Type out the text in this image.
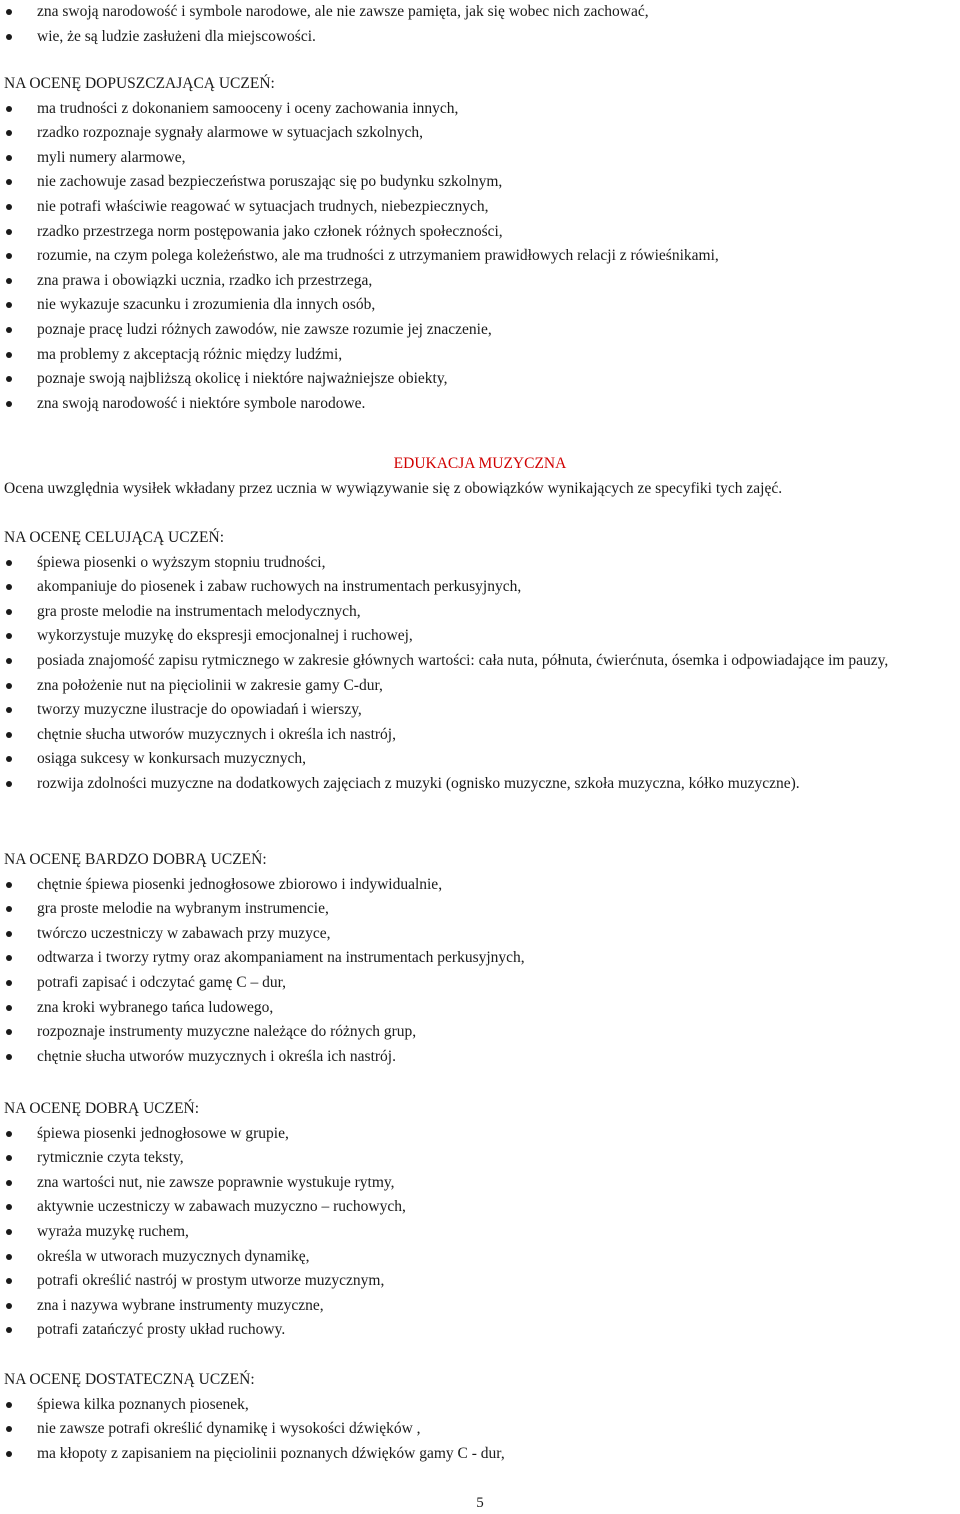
zna swoją narodowość i symbole narodowe, ale nie zawsze pamięta, jak się wobec nich zachować,
wie, że są ludzie zasłużeni dla miejscowości.

NA OCENĘ DOPUSZCZAJĄCĄ UCZEŃ:

ma trudności z dokonaniem samooceny i oceny zachowania innych,
rzadko rozpoznaje sygnały alarmowe w sytuacjach szkolnych,
myli numery alarmowe,
nie zachowuje zasad bezpieczeństwa poruszając się po budynku szkolnym,
nie potrafi właściwie reagować w sytuacjach trudnych, niebezpiecznych,
rzadko przestrzega norm postępowania jako członek różnych społeczności,
rozumie, na czym polega koleżeństwo, ale ma trudności z utrzymaniem prawidłowych relacji z rówieśnikami,
zna prawa i obowiązki ucznia, rzadko ich przestrzega,
nie wykazuje szacunku i zrozumienia dla innych osób,
poznaje pracę ludzi różnych zawodów, nie zawsze rozumie jej znaczenie,
ma problemy z akceptacją różnic między ludźmi,
poznaje swoją najbliższą okolicę i niektóre najważniejsze obiekty,
zna swoją narodowość i niektóre symbole narodowe.

EDUKACJA MUZYCZNA

Ocena uwzględnia wysiłek wkładany przez ucznia w wywiązywanie się z obowiązków wynikających ze specyfiki tych zajęć.

NA OCENĘ CELUJĄCĄ UCZEŃ:

śpiewa piosenki o wyższym stopniu trudności,
akompaniuje do piosenek i zabaw ruchowych na instrumentach perkusyjnych,
gra proste melodie na instrumentach melodycznych,
wykorzystuje muzykę do ekspresji emocjonalnej i ruchowej,
posiada znajomość zapisu rytmicznego w zakresie głównych wartości: cała nuta, półnuta, ćwierćnuta, ósemka i odpowiadające im pauzy,
zna położenie nut na pięciolinii w zakresie gamy C-dur,
tworzy muzyczne ilustracje do opowiadań i wierszy,
chętnie słucha utworów muzycznych i określa ich nastrój,
osiąga sukcesy w konkursach muzycznych,
rozwija zdolności muzyczne na dodatkowych zajęciach z muzyki (ognisko muzyczne, szkoła muzyczna, kółko muzyczne).

NA OCENĘ BARDZO DOBRĄ UCZEŃ:

chętnie śpiewa piosenki jednogłosowe zbiorowo i indywidualnie,
gra proste melodie na wybranym instrumencie,
twórczo uczestniczy w zabawach przy muzyce,
odtwarza i tworzy rytmy oraz akompaniament na instrumentach perkusyjnych,
potrafi zapisać i odczytać gamę C – dur,
zna kroki wybranego tańca ludowego,
rozpoznaje instrumenty muzyczne należące do różnych grup,
chętnie słucha utworów muzycznych i określa ich nastrój.

NA OCENĘ DOBRĄ UCZEŃ:

śpiewa piosenki jednogłosowe w grupie,
rytmicznie czyta teksty,
zna wartości nut, nie zawsze poprawnie wystukuje rytmy,
aktywnie uczestniczy w zabawach muzyczno – ruchowych,
wyraża muzykę ruchem,
określa w utworach muzycznych dynamikę,
potrafi określić nastrój w prostym utworze muzycznym,
zna i nazywa wybrane instrumenty muzyczne,
potrafi zatańczyć prosty układ ruchowy.

NA OCENĘ DOSTATECZNĄ UCZEŃ:

śpiewa kilka poznanych piosenek,
nie zawsze potrafi określić dynamikę i wysokości dźwięków ,
ma kłopoty z zapisaniem na pięciolinii poznanych dźwięków gamy C - dur,
5
